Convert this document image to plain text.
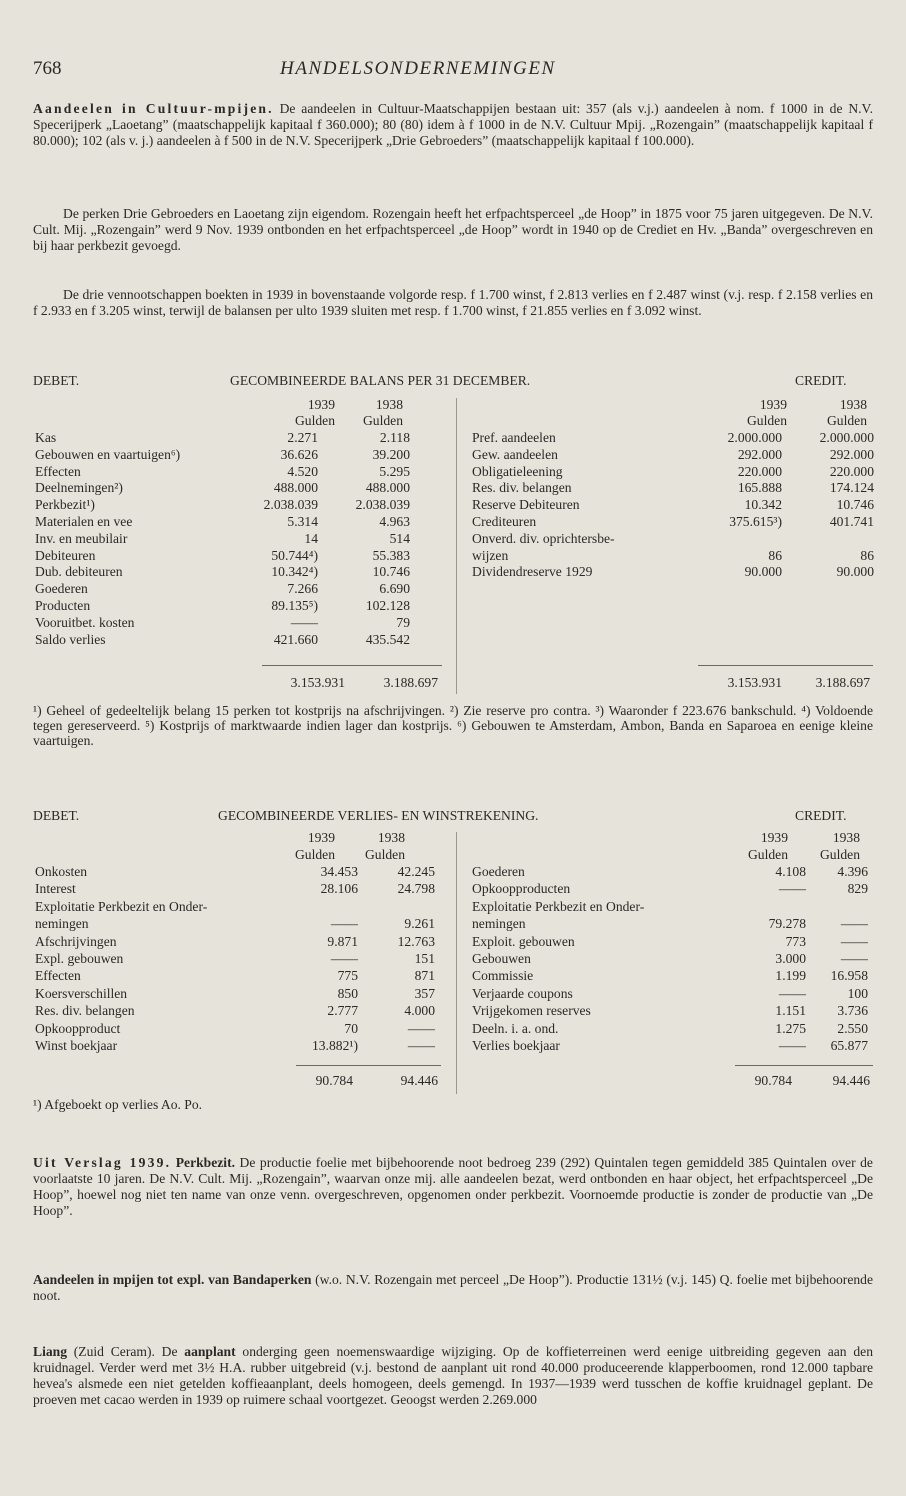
768	HANDELSONDERNEMINGEN
Aandeelen in Cultuur-mpijen. De aandeelen in Cultuur-Maatschappijen bestaan uit: 357 (als v.j.) aandeelen à nom. f 1000 in de N.V. Specerijperk „Laoetang” (maatschappelijk kapitaal f 360.000); 80 (80) idem à f 1000 in de N.V. Cultuur Mpij. „Rozengain” (maatschappelijk kapitaal f 80.000); 102 (als v. j.) aandeelen à f 500 in de N.V. Specerijperk „Drie Gebroeders” (maatschappelijk kapitaal f 100.000).
De perken Drie Gebroeders en Laoetang zijn eigendom. Rozengain heeft het erfpachtsperceel „de Hoop” in 1875 voor 75 jaren uitgegeven. De N.V. Cult. Mij. „Rozengain” werd 9 Nov. 1939 ontbonden en het erfpachtsperceel „de Hoop” wordt in 1940 op de Crediet en Hv. „Banda” overgeschreven en bij haar perkbezit gevoegd.
De drie vennootschappen boekten in 1939 in bovenstaande volgorde resp. f 1.700 winst, f 2.813 verlies en f 2.487 winst (v.j. resp. f 2.158 verlies en f 2.933 en f 3.205 winst, terwijl de balansen per ulto 1939 sluiten met resp. f 1.700 winst, f 21.855 verlies en f 3.092 winst.
DEBET.	GECOMBINEERDE BALANS PER 31 DECEMBER.	CREDIT.
1939	1938
Gulden	Gulden
1939	1938
Gulden	Gulden
Kas	2.271	2.118
Gebouwen en vaartuigen⁶)	36.626	39.200
Effecten	4.520	5.295
Deelnemingen²)	488.000	488.000
Perkbezit¹)	2.038.039	2.038.039
Materialen en vee	5.314	4.963
Inv. en meubilair	14	514
Debiteuren	50.744⁴)	55.383
Dub. debiteuren	10.342⁴)	10.746
Goederen	7.266	6.690
Producten	89.135⁵)	102.128
Vooruitbet. kosten	——	79
Saldo verlies	421.660	435.542
Pref. aandeelen	2.000.000	2.000.000
Gew. aandeelen	292.000	292.000
Obligatieleening	220.000	220.000
Res. div. belangen	165.888	174.124
Reserve Debiteuren	10.342	10.746
Crediteuren	375.615³)	401.741
Onverd. div. oprichtersbe-
wijzen	86	86
Dividendreserve 1929	90.000	90.000
3.153.931	3.188.697	3.153.931	3.188.697
¹) Geheel of gedeeltelijk belang 15 perken tot kostprijs na afschrijvingen. ²) Zie reserve pro contra. ³) Waaronder f 223.676 bankschuld. ⁴) Voldoende tegen gereserveerd. ⁵) Kostprijs of marktwaarde indien lager dan kostprijs. ⁶) Gebouwen te Amsterdam, Ambon, Banda en Saparoea en eenige kleine vaartuigen.
DEBET.	GECOMBINEERDE VERLIES- EN WINSTREKENING.	CREDIT.
1939	1938
Gulden	Gulden
1939	1938
Gulden	Gulden
Onkosten	34.453	42.245
Interest	28.106	24.798
Exploitatie Perkbezit en Onder-
nemingen	——	9.261
Afschrijvingen	9.871	12.763
Expl. gebouwen	——	151
Effecten	775	871
Koersverschillen	850	357
Res. div. belangen	2.777	4.000
Opkoopproduct	70	——
Winst boekjaar	13.882¹)	——
Goederen	4.108	4.396
Opkoopproducten	——	829
Exploitatie Perkbezit en Onder-
nemingen	79.278	——
Exploit. gebouwen	773	——
Gebouwen	3.000	——
Commissie	1.199	16.958
Verjaarde coupons	——	100
Vrijgekomen reserves	1.151	3.736
Deeln. i. a. ond.	1.275	2.550
Verlies boekjaar	——	65.877
90.784	94.446	90.784	94.446
¹) Afgeboekt op verlies Ao. Po.
Uit Verslag 1939. Perkbezit. De productie foelie met bijbehoorende noot bedroeg 239 (292) Quintalen tegen gemiddeld 385 Quintalen over de voorlaatste 10 jaren. De N.V. Cult. Mij. „Rozengain”, waarvan onze mij. alle aandeelen bezat, werd ontbonden en haar object, het erfpachtsperceel „De Hoop”, hoewel nog niet ten name van onze venn. overgeschreven, opgenomen onder perkbezit. Voornoemde productie is zonder de productie van „De Hoop”.
Aandeelen in mpijen tot expl. van Bandaperken (w.o. N.V. Rozengain met perceel „De Hoop”). Productie 131½ (v.j. 145) Q. foelie met bijbehoorende noot.
Liang (Zuid Ceram). De aanplant onderging geen noemenswaardige wijziging. Op de koffieterreinen werd eenige uitbreiding gegeven aan den kruidnagel. Verder werd met 3½ H.A. rubber uitgebreid (v.j. bestond de aanplant uit rond 40.000 produceerende klapperboomen, rond 12.000 tapbare hevea's alsmede een niet getelden koffieaanplant, deels homogeen, deels gemengd. In 1937—1939 werd tusschen de koffie kruidnagel geplant. De proeven met cacao werden in 1939 op ruimere schaal voortgezet. Geoogst werden 2.269.000
